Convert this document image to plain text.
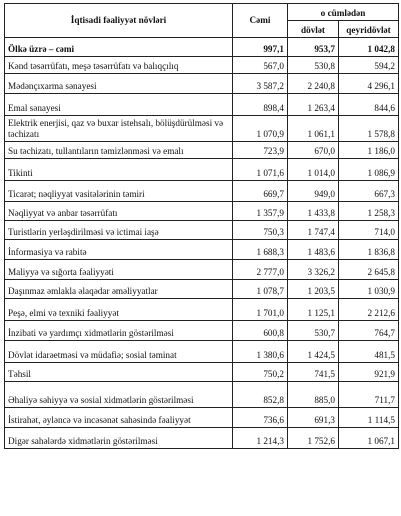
İqtisadi fəaliyyət növləri	Cəmi	o cümlədən	
		dövlət	qeyridövlət
Ölkə üzrə – cəmi	997,1	953,7	1 042,8
Kənd təsərrüfatı, meşə təsərrüfatı və balıqçılıq	567,0	530,8	594,2
Mədənçıxarma sənayesi	3 587,2	2 240,8	4 296,1
Emal sənayesi	898,4	1 263,4	844,6
Elektrik enerjisi, qaz və buxar istehsalı, bölüşdürülməsi və təchizatı	1 070,9	1 061,1	1 578,8
Su təchizatı, tullantıların təmizlənməsi və emalı	723,9	670,0	1 186,0
Tikinti	1 071,6	1 014,0	1 086,9
Ticarət; nəqliyyat vasitələrinin təmiri	669,7	949,0	667,3
Nəqliyyat və anbar təsərrüfatı	1 357,9	1 433,8	1 258,3
Turistlərin yerləşdirilməsi və ictimai iaşə	750,3	1 747,4	714,0
İnformasiya və rabitə	1 688,3	1 483,6	1 836,8
Maliyyə və sığorta fəaliyyəti	2 777,0	3 326,2	2 645,8
Daşınmaz əmlakla əlaqədar əməliyyatlar	1 078,7	1 203,5	1 030,9
Peşə, elmi və texniki fəaliyyət	1 701,0	1 125,1	2 212,6
İnzibati və yardımçı xidmətlərin göstərilməsi	600,8	530,7	764,7
Dövlət idarəetməsi və müdafiə; sosial təminat	1 380,6	1 424,5	481,5
Təhsil	750,2	741,5	921,9
Əhaliyə səhiyyə və sosial xidmətlərin göstərilməsi	852,8	885,0	711,7
İstirahət, əyləncə və incəsənət sahəsində fəaliyyət	736,6	691,3	1 114,5
Digər sahələrdə xidmətlərin göstərilməsi	1 214,3	1 752,6	1 067,1
